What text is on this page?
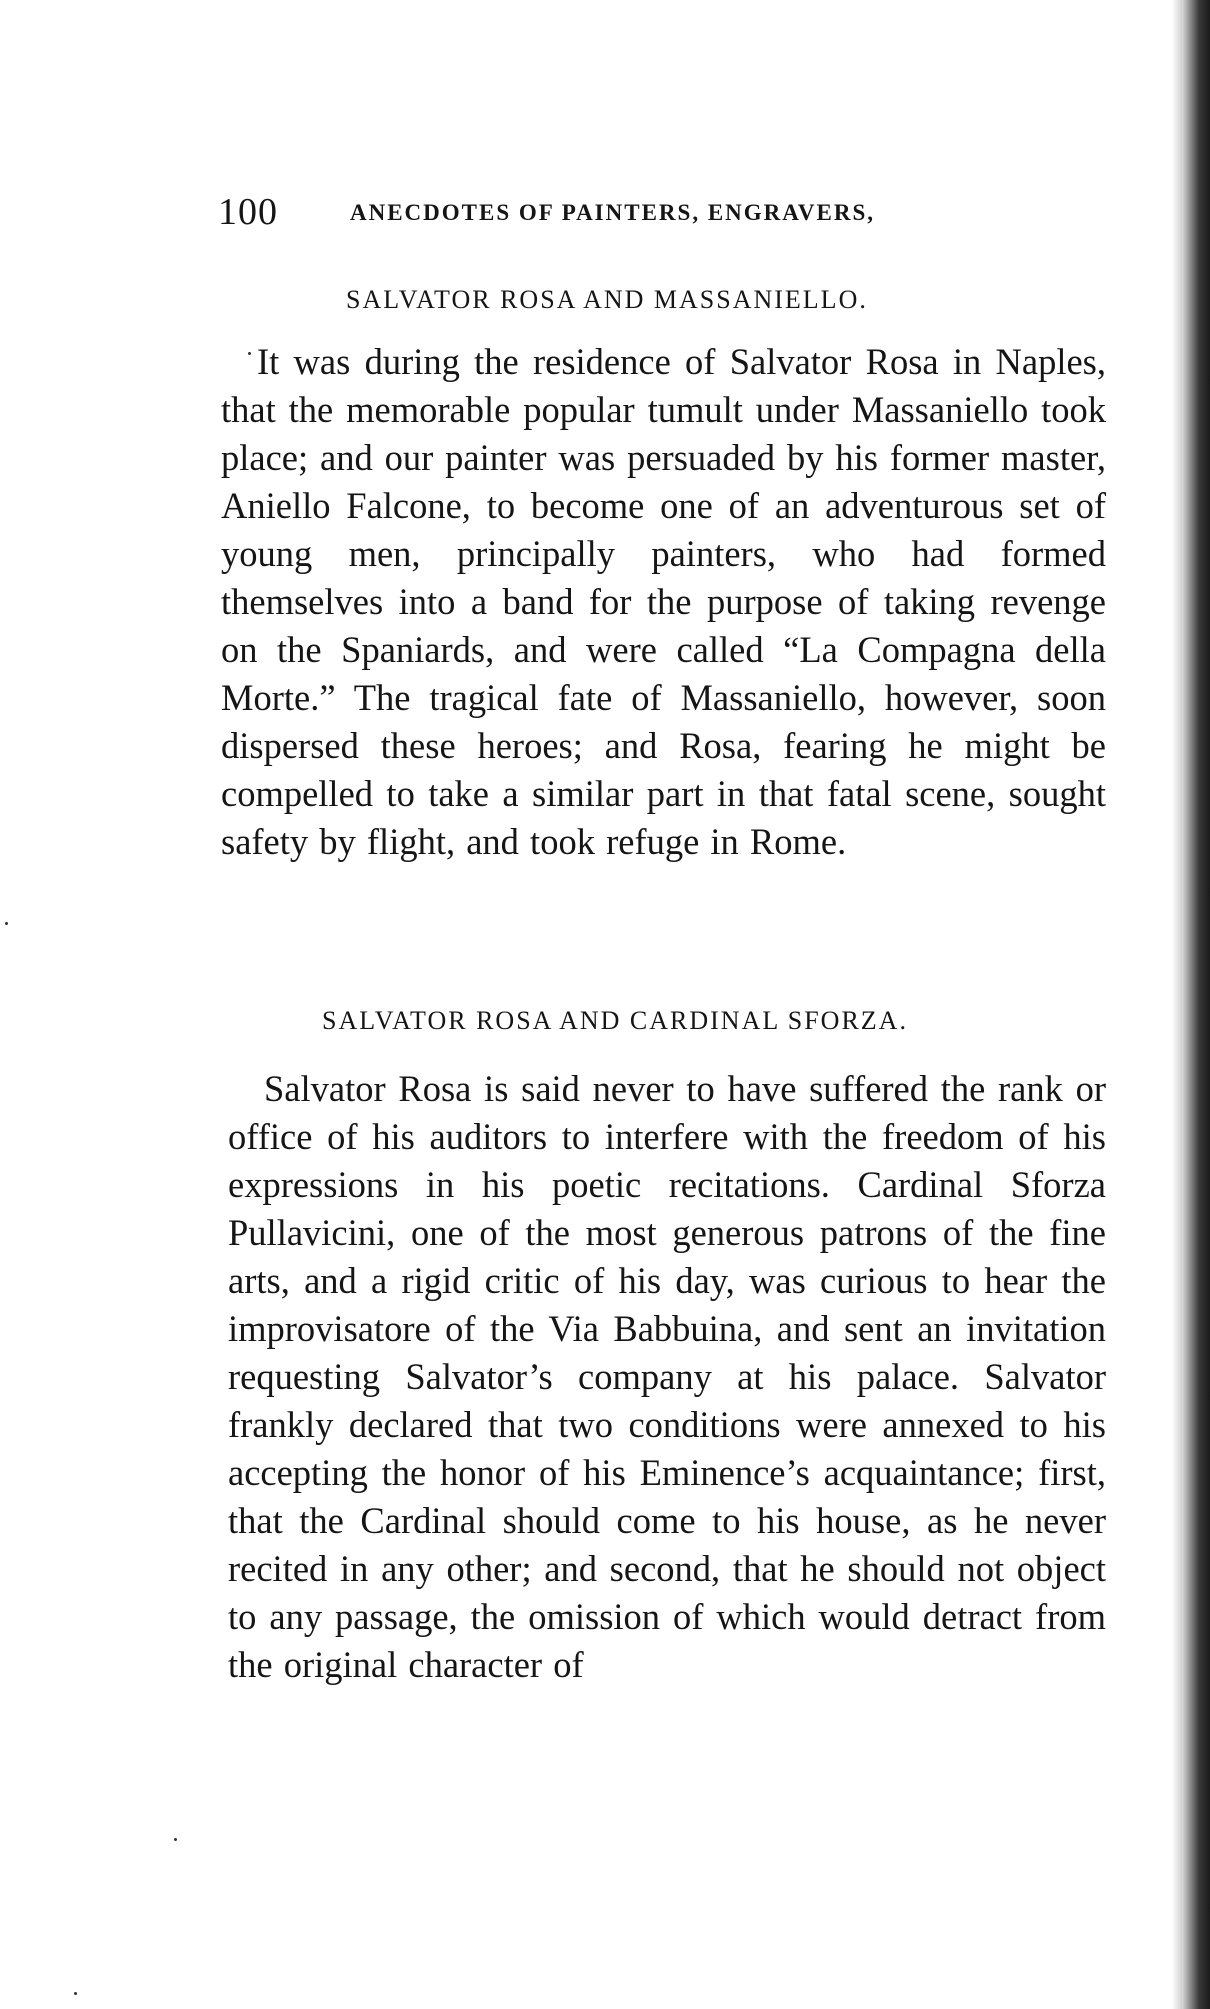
100	ANECDOTES OF PAINTERS, ENGRAVERS,
SALVATOR ROSA AND MASSANIELLO.

It was during the residence of Salvator Rosa in Naples, that the memorable popular tumult under Massaniello took place; and our painter was persuaded by his former master, Aniello Falcone, to become one of an adventurous set of young men, principally painters, who had formed themselves into a band for the purpose of taking revenge on the Spaniards, and were called “La Compagna della Morte.” The tragical fate of Massaniello, however, soon dispersed these heroes; and Rosa, fearing he might be compelled to take a similar part in that fatal scene, sought safety by flight, and took refuge in Rome.

SALVATOR ROSA AND CARDINAL SFORZA.

Salvator Rosa is said never to have suffered the rank or office of his auditors to interfere with the freedom of his expressions in his poetic recitations. Cardinal Sforza Pullavicini, one of the most generous patrons of the fine arts, and a rigid critic of his day, was curious to hear the improvisatore of the Via Babbuina, and sent an invitation requesting Salvator’s company at his palace. Salvator frankly declared that two conditions were annexed to his accepting the honor of his Eminence’s acquaintance; first, that the Cardinal should come to his house, as he never recited in any other; and second, that he should not object to any passage, the omission of which would detract from the original character of
